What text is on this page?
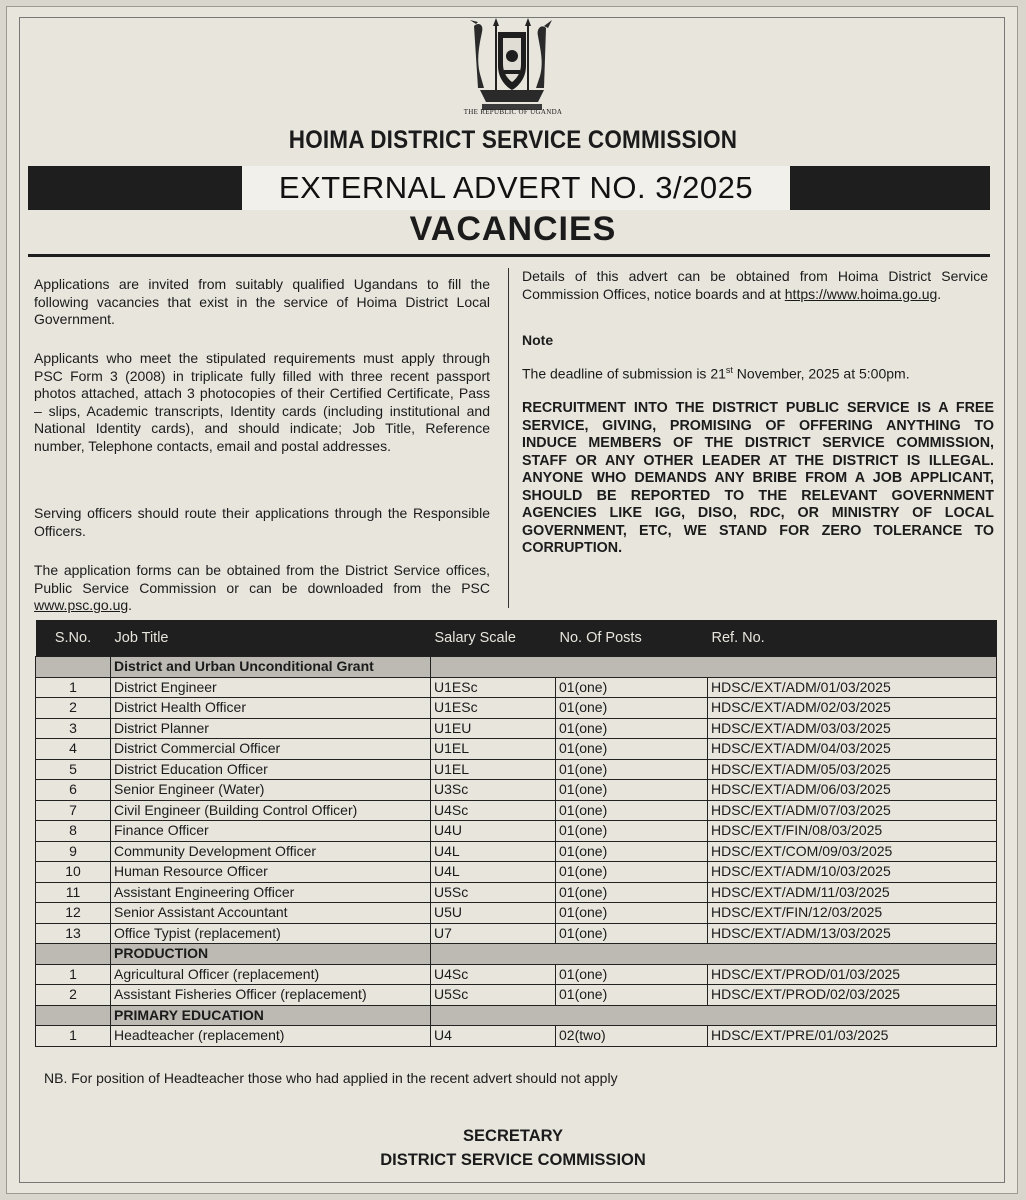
THE REPUBLIC OF UGANDA
HOIMA DISTRICT SERVICE COMMISSION
EXTERNAL ADVERT NO. 3/2025
VACANCIES
Applications are invited from suitably qualified Ugandans to fill the following vacancies that exist in the service of Hoima District Local Government.
Applicants who meet the stipulated requirements must apply through PSC Form 3 (2008) in triplicate fully filled with three recent passport photos attached, attach 3 photocopies of their Certified Certificate, Pass – slips, Academic transcripts, Identity cards (including institutional and National Identity cards), and should indicate; Job Title, Reference number, Telephone contacts, email and postal addresses.
Serving officers should route their applications through the Responsible Officers.
The application forms can be obtained from the District Service offices, Public Service Commission or can be downloaded from the PSC www.psc.go.ug.
Details of this advert can be obtained from Hoima District Service Commission Offices, notice boards and at https://www.hoima.go.ug.
Note
The deadline of submission is 21st November, 2025 at 5:00pm.
RECRUITMENT INTO THE DISTRICT PUBLIC SERVICE IS A FREE SERVICE, GIVING, PROMISING OF OFFERING ANYTHING TO INDUCE MEMBERS OF THE DISTRICT SERVICE COMMISSION, STAFF OR ANY OTHER LEADER AT THE DISTRICT IS ILLEGAL. ANYONE WHO DEMANDS ANY BRIBE FROM A JOB APPLICANT, SHOULD BE REPORTED TO THE RELEVANT GOVERNMENT AGENCIES LIKE IGG, DISO, RDC, OR MINISTRY OF LOCAL GOVERNMENT, ETC, WE STAND FOR ZERO TOLERANCE TO CORRUPTION.
S.No.	Job Title	Salary Scale	No. Of Posts	Ref. No.
	District and Urban Unconditional Grant			
1	District Engineer	U1ESc	01(one)	HDSC/EXT/ADM/01/03/2025
2	District Health Officer	U1ESc	01(one)	HDSC/EXT/ADM/02/03/2025
3	District Planner	U1EU	01(one)	HDSC/EXT/ADM/03/03/2025
4	District Commercial Officer	U1EL	01(one)	HDSC/EXT/ADM/04/03/2025
5	District Education Officer	U1EL	01(one)	HDSC/EXT/ADM/05/03/2025
6	Senior Engineer (Water)	U3Sc	01(one)	HDSC/EXT/ADM/06/03/2025
7	Civil Engineer (Building Control Officer)	U4Sc	01(one)	HDSC/EXT/ADM/07/03/2025
8	Finance Officer	U4U	01(one)	HDSC/EXT/FIN/08/03/2025
9	Community Development Officer	U4L	01(one)	HDSC/EXT/COM/09/03/2025
10	Human Resource Officer	U4L	01(one)	HDSC/EXT/ADM/10/03/2025
11	Assistant Engineering Officer	U5Sc	01(one)	HDSC/EXT/ADM/11/03/2025
12	Senior Assistant Accountant	U5U	01(one)	HDSC/EXT/FIN/12/03/2025
13	Office Typist (replacement)	U7	01(one)	HDSC/EXT/ADM/13/03/2025
	PRODUCTION			
1	Agricultural Officer (replacement)	U4Sc	01(one)	HDSC/EXT/PROD/01/03/2025
2	Assistant Fisheries Officer (replacement)	U5Sc	01(one)	HDSC/EXT/PROD/02/03/2025
	PRIMARY EDUCATION			
1	Headteacher (replacement)	U4	02(two)	HDSC/EXT/PRE/01/03/2025
NB. For position of Headteacher those who had applied in the recent advert should not apply
SECRETARY
DISTRICT SERVICE COMMISSION
